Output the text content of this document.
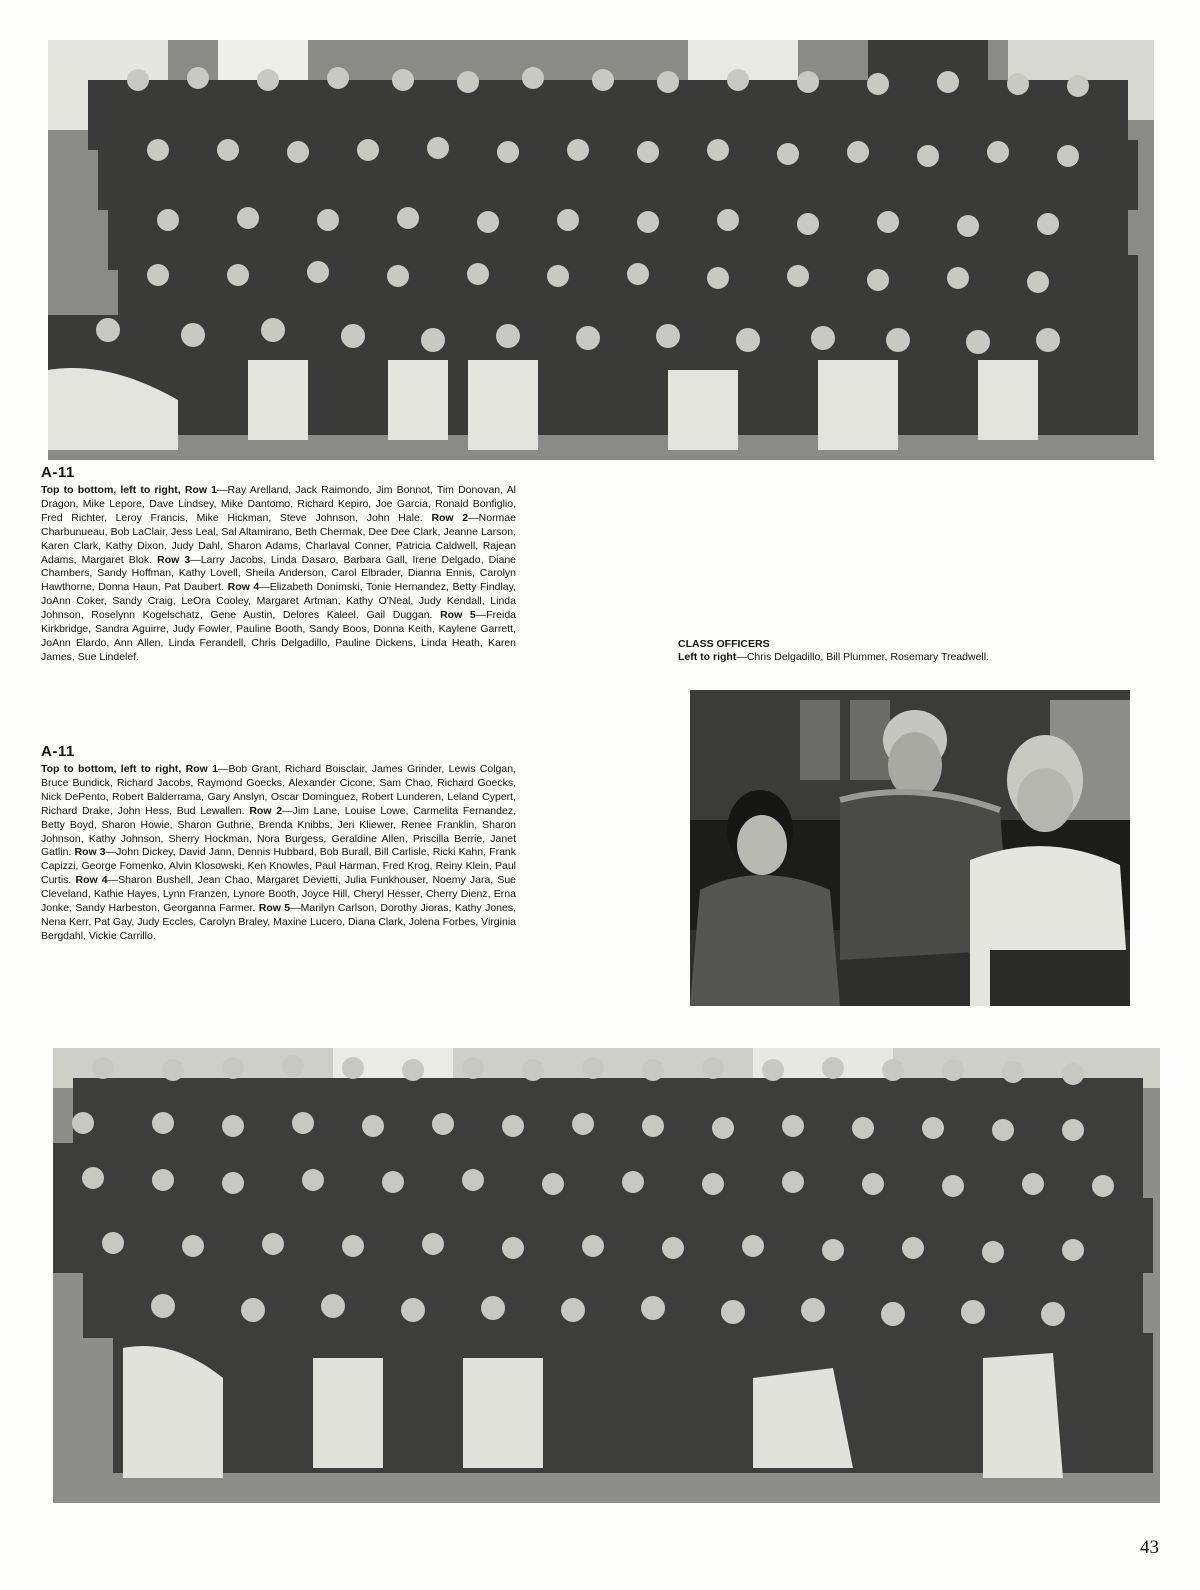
A-11

Top to bottom, left to right, Row 1—Ray Arelland, Jack Raimondo, Jim Bonnot, Tim Donovan, Al Dragon, Mike Lepore, Dave Lindsey, Mike Dantomo, Richard Kepiro, Joe Garcia, Ronald Bonfiglio, Fred Richter, Leroy Francis, Mike Hickman, Steve Johnson, John Hale. Row 2—Normae Charbunueau, Bob LaClair, Jess Leal, Sal Altamirano, Beth Chermak, Dee Dee Clark, Jeanne Larson, Karen Clark, Kathy Dixon, Judy Dahl, Sharon Adams, Charlaval Conner, Patricia Caldwell, Rajean Adams, Margaret Blok. Row 3—Larry Jacobs, Linda Dasaro, Barbara Gall, Irene Delgado, Diane Chambers, Sandy Hoffman, Kathy Lovell, Sheila Anderson, Carol Elbrader, Dianna Ennis, Carolyn Hawthorne, Donna Haun, Pat Daubert. Row 4—Elizabeth Donimski, Tonie Hernandez, Betty Findlay, JoAnn Coker, Sandy Craig, LeOra Cooley, Margaret Artman, Kathy O'Neal, Judy Kendall, Linda Johnson, Roselynn Kogelschatz, Gene Austin, Delores Kaleel, Gail Duggan. Row 5—Freida Kirkbridge, Sandra Aguirre, Judy Fowler, Pauline Booth, Sandy Boos, Donna Keith, Kaylene Garrett, JoAnn Elardo, Ann Allen, Linda Ferandell, Chris Delgadillo, Pauline Dickens, Linda Heath, Karen James, Sue Lindelef.

A-11

Top to bottom, left to right, Row 1—Bob Grant, Richard Boisclair, James Grinder, Lewis Colgan, Bruce Bundick, Richard Jacobs, Raymond Goecks, Alexander Cicone, Sam Chao, Richard Goecks, Nick DePento, Robert Balderrama, Gary Anslyn, Oscar Dominguez, Robert Lunderen, Leland Cypert, Richard Drake, John Hess, Bud Lewallen. Row 2—Jim Lane, Louise Lowe, Carmelita Fernandez, Betty Boyd, Sharon Howie, Sharon Guthrie, Brenda Knibbs, Jeri Kliewer, Renee Franklin, Sharon Johnson, Kathy Johnson, Sherry Hockman, Nora Burgess, Geraldine Allen, Priscilla Berrie, Janet Gatlin. Row 3—John Dickey, David Jann, Dennis Hubbard, Bob Burall, Bill Carlisle, Ricki Kahn, Frank Capizzi, George Fomenko, Alvin Klosowski, Ken Knowles, Paul Harman, Fred Krog, Reiny Klein, Paul Curtis. Row 4—Sharon Bushell, Jean Chao, Margaret Devietti, Julia Funkhouser, Noemy Jara, Sue Cleveland, Kathie Hayes, Lynn Franzen, Lynore Booth, Joyce Hill, Cheryl Hesser, Cherry Dienz, Erna Jonke, Sandy Harbeston, Georganna Farmer. Row 5—Marilyn Carlson, Dorothy Jioras, Kathy Jones, Nena Kerr, Pat Gay, Judy Eccles, Carolyn Braley, Maxine Lucero, Diana Clark, Jolena Forbes, Virginia Bergdahl, Vickie Carrillo.

CLASS OFFICERS

Left to right—Chris Delgadillo, Bill Plummer, Rosemary Treadwell.

43
